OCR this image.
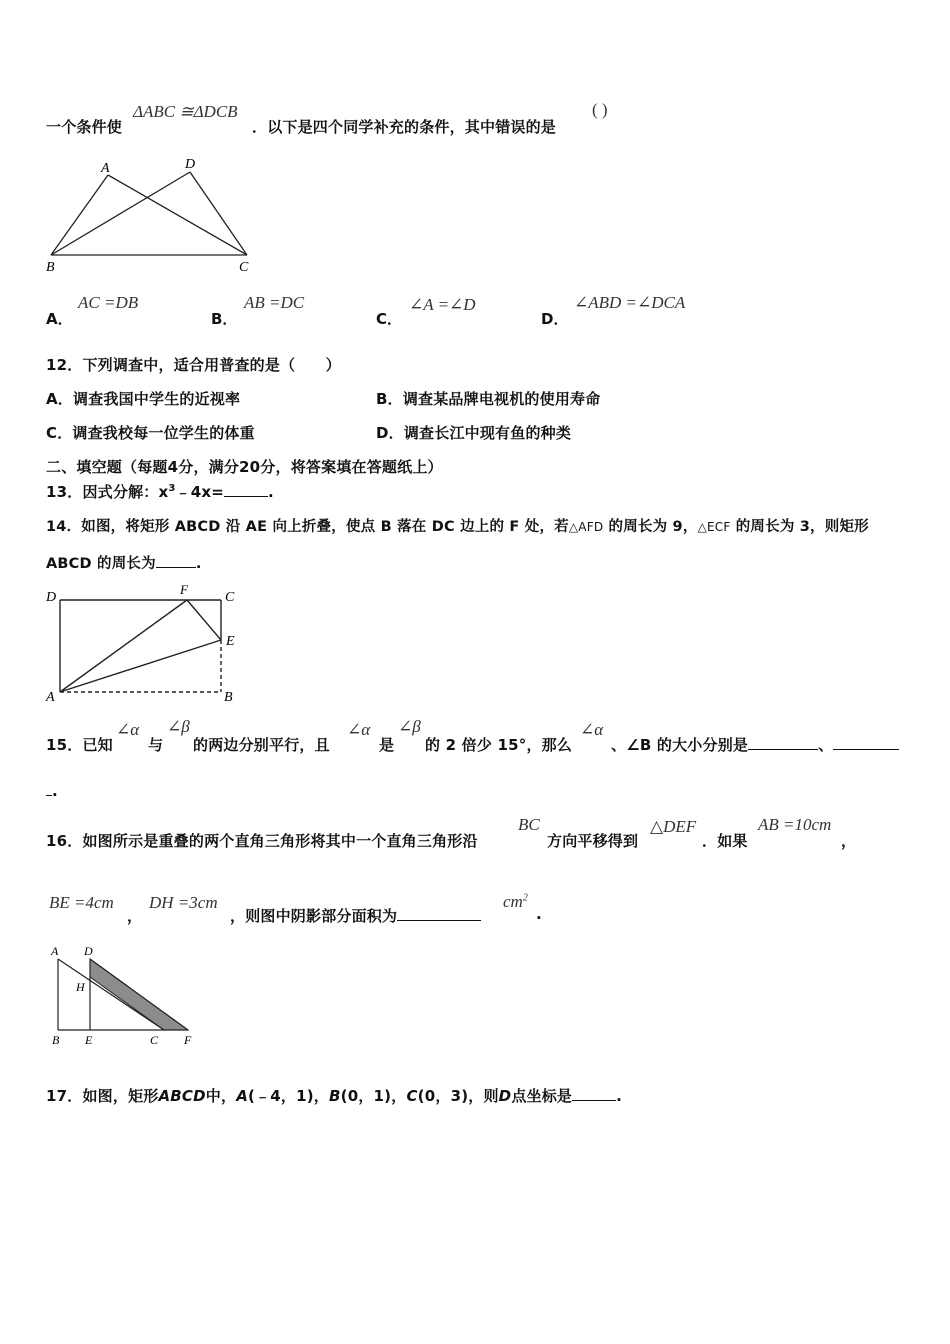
一个条件使
ΔABC ≅ΔDCB
．以下是四个同学补充的条件，其中错误的是
( )
A	D
B	C
A．
AC =DB
B．
AB =DC
C．
∠A =∠D
D．
∠ABD =∠DCA
12．下列调查中，适合用普查的是（　　）
A．调查我国中学生的近视率	B．调查某品牌电视机的使用寿命
C．调查我校每一位学生的体重	D．调查长江中现有鱼的种类
二、填空题（每题4分，满分20分，将答案填在答题纸上）
13．因式分解：$x^3﹣4x=$	.
14．如图，将矩形 ABCD 沿 AE 向上折叠，使点 B 落在 DC 边上的 F 处，若△AFD 的周长为 9，△ECF 的周长为 3，则矩形
ABCD 的周长为	.
D
F
C
E
A	B
15．已知
∠α
与
∠β
的两边分别平行，且
∠α
是
∠β
的 2 倍少 15°，那么
∠α
、∠B 的大小分别是	、
.
16．如图所示是重叠的两个直角三角形将其中一个直角三角形沿
BC
方向平移得到
△DEF
．如果
AB =10cm
，
BE =4cm
，
DH =3cm
，则图中阴影部分面积为
$cm^2$
.
A D
H
B E	C F
17．如图，矩形ABCD中，A(﹣4，1)，B(0，1)，C(0，3)，则D点坐标是	.
